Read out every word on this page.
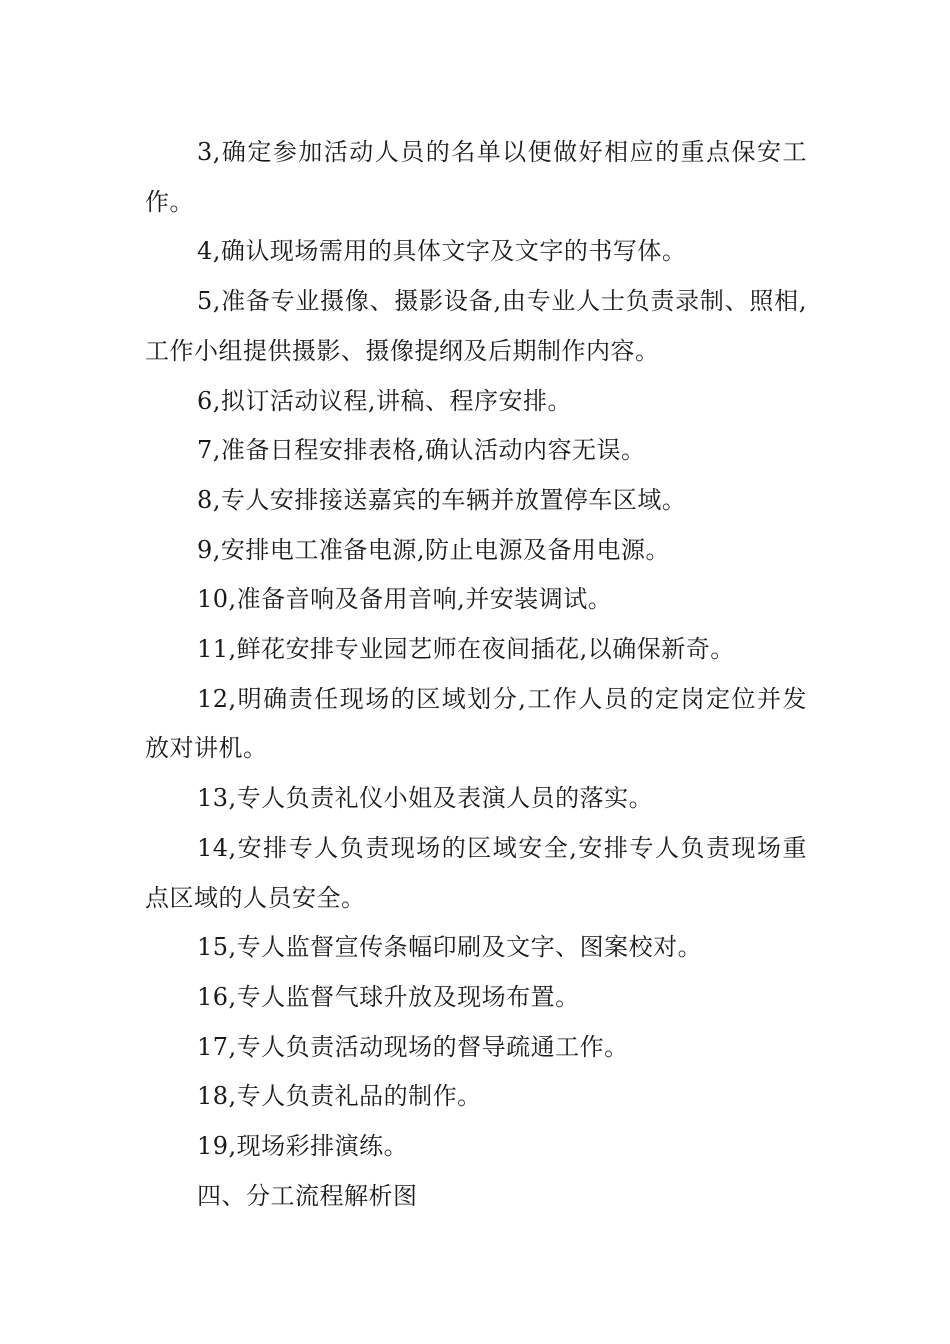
3,确定参加活动人员的名单以便做好相应的重点保安工作。

4,确认现场需用的具体文字及文字的书写体。

5,准备专业摄像、摄影设备,由专业人士负责录制、照相,工作小组提供摄影、摄像提纲及后期制作内容。

6,拟订活动议程,讲稿、程序安排。

7,准备日程安排表格,确认活动内容无误。

8,专人安排接送嘉宾的车辆并放置停车区域。

9,安排电工准备电源,防止电源及备用电源。

10,准备音响及备用音响,并安装调试。

11,鲜花安排专业园艺师在夜间插花,以确保新奇。

12,明确责任现场的区域划分,工作人员的定岗定位并发放对讲机。

13,专人负责礼仪小姐及表演人员的落实。

14,安排专人负责现场的区域安全,安排专人负责现场重点区域的人员安全。

15,专人监督宣传条幅印刷及文字、图案校对。

16,专人监督气球升放及现场布置。

17,专人负责活动现场的督导疏通工作。

18,专人负责礼品的制作。

19,现场彩排演练。

四、分工流程解析图
